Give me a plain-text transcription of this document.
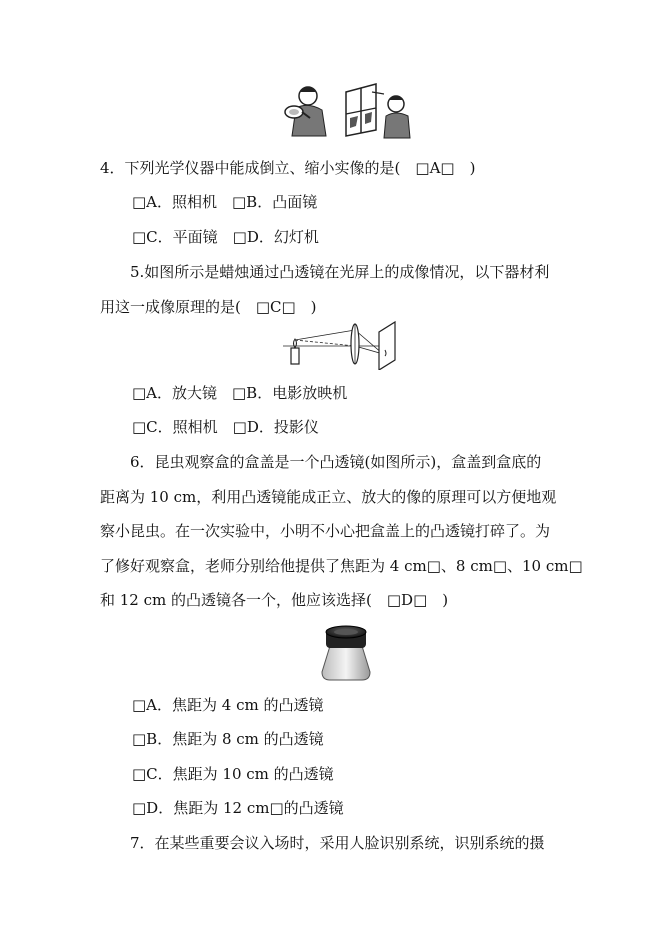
4．下列光学仪器中能成倒立、缩小实像的是(　□A□　)
□A．照相机　□B．凸面镜
□C．平面镜　□D．幻灯机
5.如图所示是蜡烛通过凸透镜在光屏上的成像情况，以下器材利
用这一成像原理的是(　□C□　)
□A．放大镜　□B．电影放映机
□C．照相机　□D．投影仪
6．昆虫观察盒的盒盖是一个凸透镜(如图所示)，盒盖到盒底的
距离为 10 cm，利用凸透镜能成正立、放大的像的原理可以方便地观
察小昆虫。在一次实验中，小明不小心把盒盖上的凸透镜打碎了。为
了修好观察盒，老师分别给他提供了焦距为 4 cm□、8 cm□、10 cm□
和 12 cm 的凸透镜各一个，他应该选择(　□D□　)
□A．焦距为 4 cm 的凸透镜
□B．焦距为 8 cm 的凸透镜
□C．焦距为 10 cm 的凸透镜
□D．焦距为 12 cm□的凸透镜
7．在某些重要会议入场时，采用人脸识别系统，识别系统的摄
